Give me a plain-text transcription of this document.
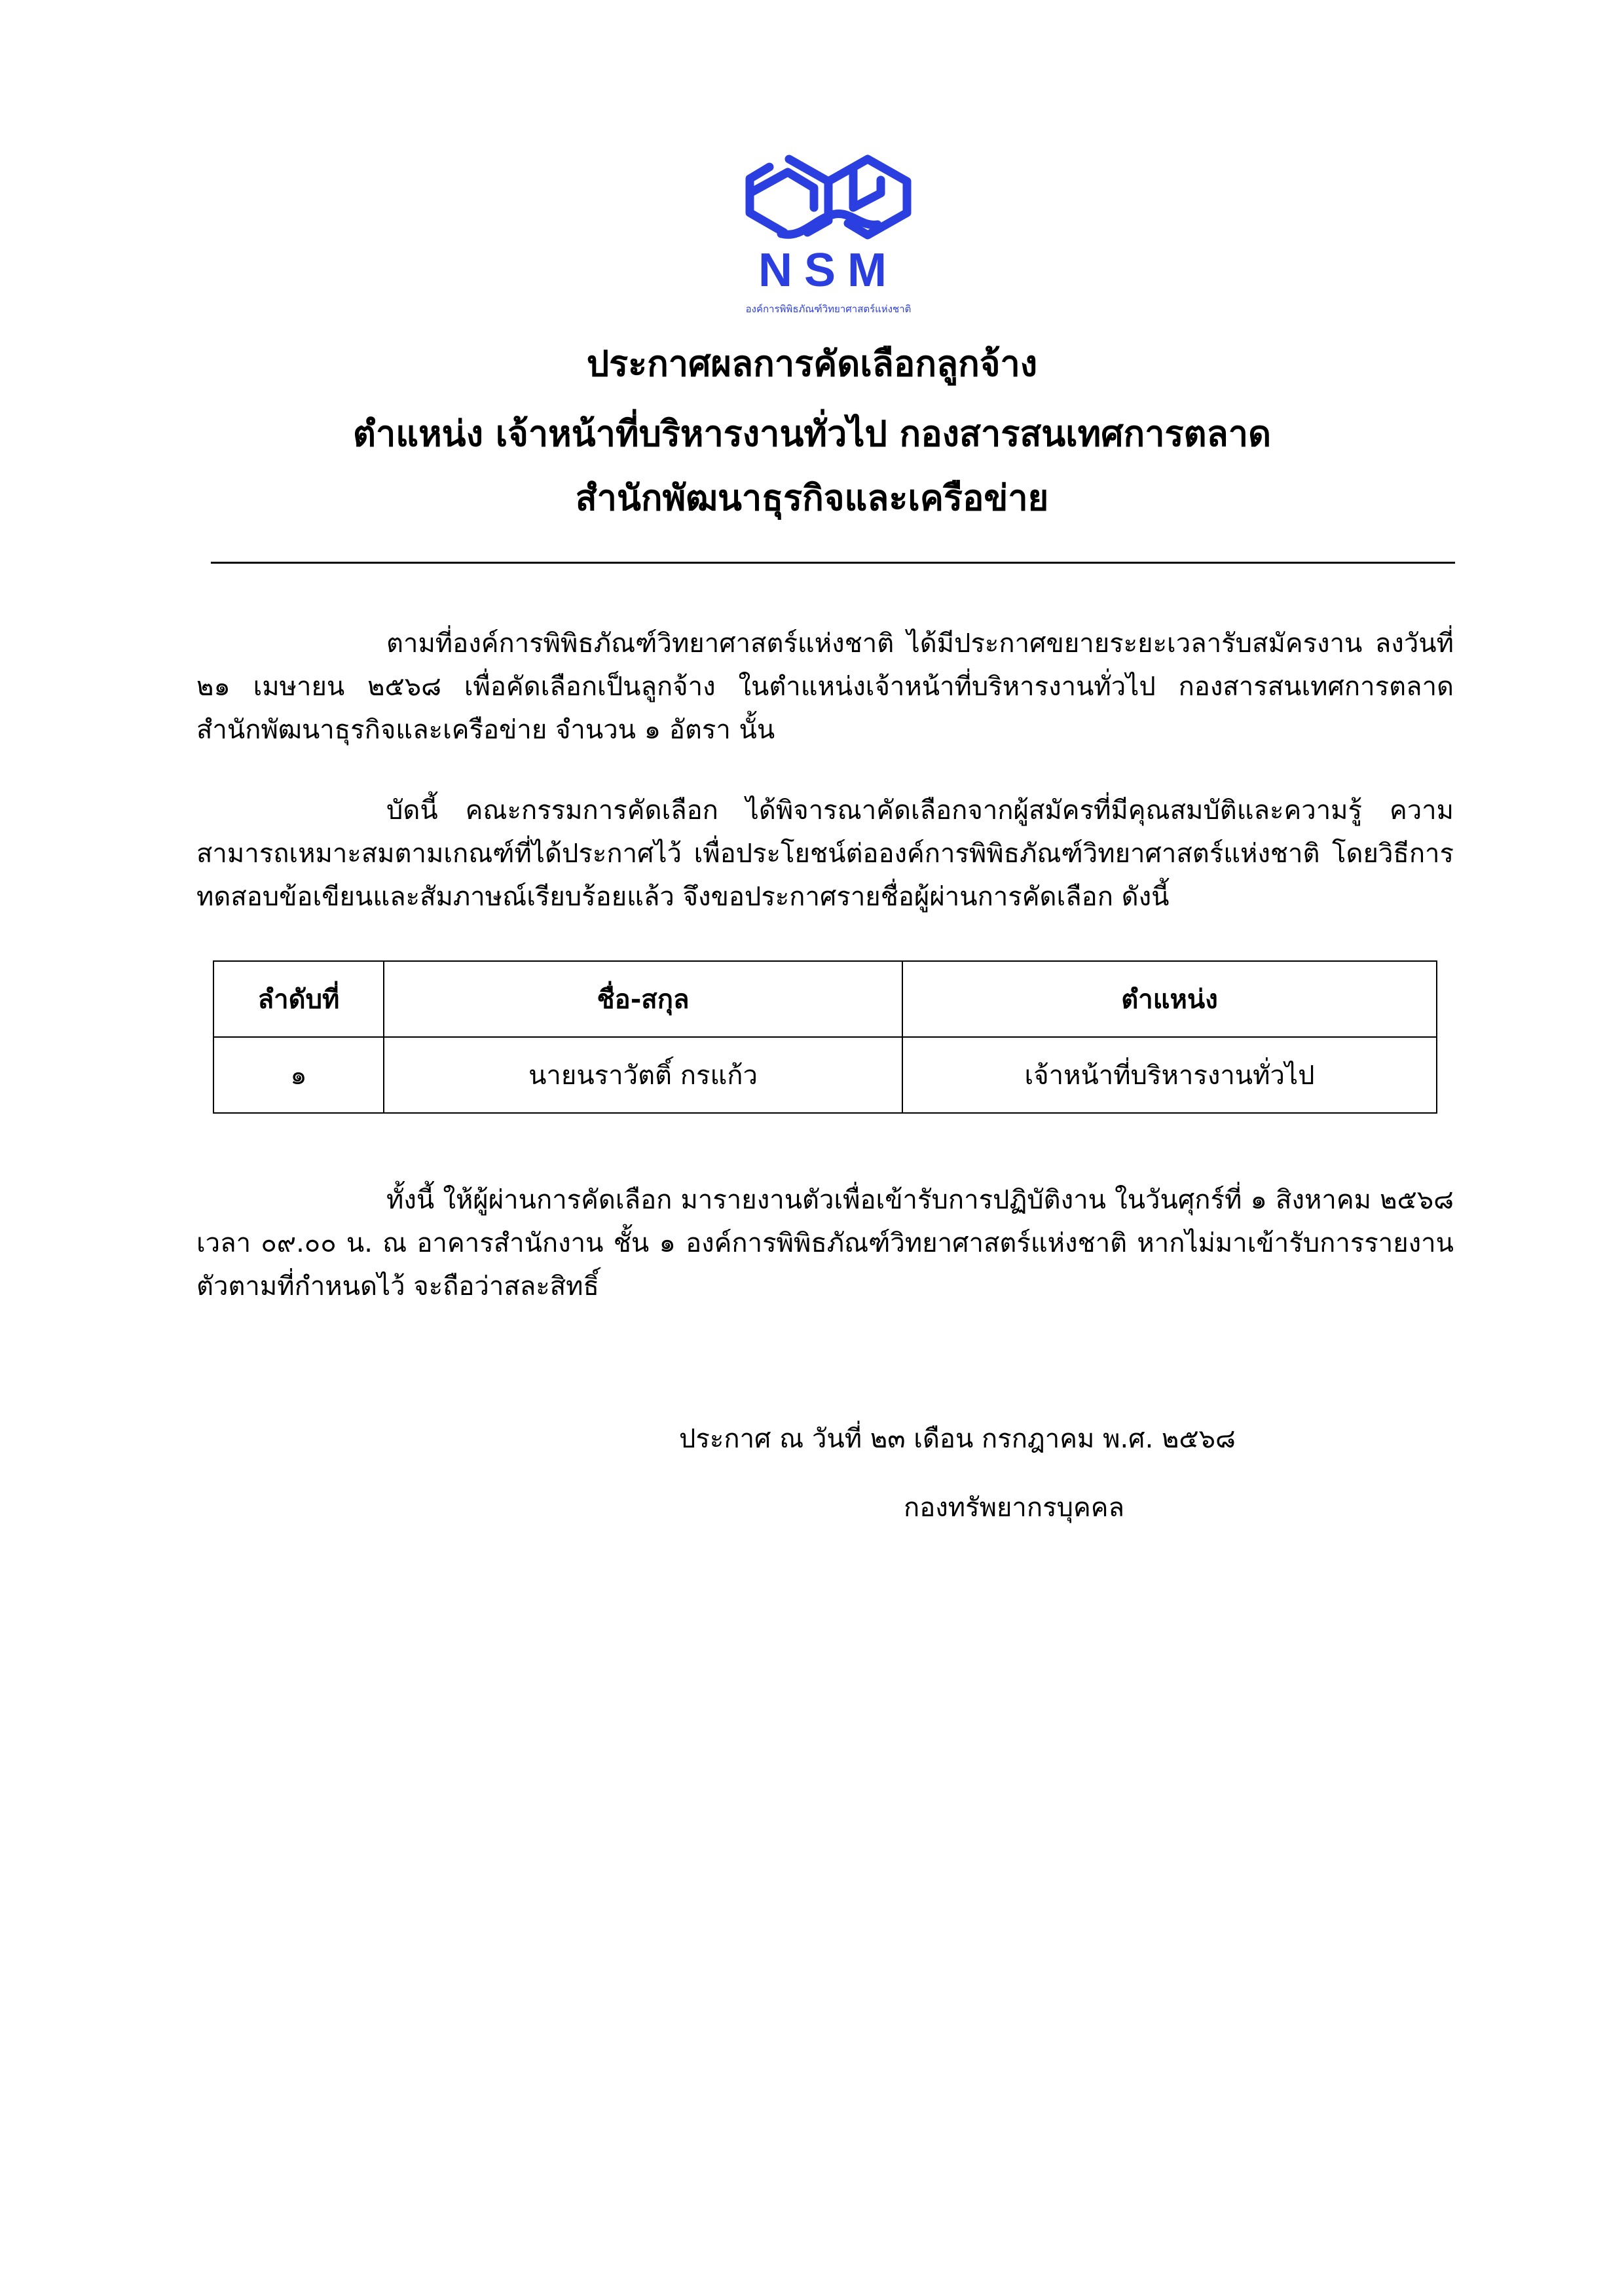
NSM
องค์การพิพิธภัณฑ์วิทยาศาสตร์แห่งชาติ
ประกาศผลการคัดเลือกลูกจ้าง
ตำแหน่ง เจ้าหน้าที่บริหารงานทั่วไป กองสารสนเทศการตลาด
สำนักพัฒนาธุรกิจและเครือข่าย

ตามที่องค์การพิพิธภัณฑ์วิทยาศาสตร์แห่งชาติ ได้มีประกาศขยายระยะเวลารับสมัครงาน ลงวันที่ ๒๑ เมษายน ๒๕๖๘ เพื่อคัดเลือกเป็นลูกจ้าง ในตำแหน่งเจ้าหน้าที่บริหารงานทั่วไป กองสารสนเทศการตลาด สำนักพัฒนาธุรกิจและเครือข่าย จำนวน ๑ อัตรา นั้น

บัดนี้ คณะกรรมการคัดเลือก ได้พิจารณาคัดเลือกจากผู้สมัครที่มีคุณสมบัติและความรู้ ความสามารถเหมาะสมตามเกณฑ์ที่ได้ประกาศไว้ เพื่อประโยชน์ต่อองค์การพิพิธภัณฑ์วิทยาศาสตร์แห่งชาติ โดยวิธีการทดสอบข้อเขียนและสัมภาษณ์เรียบร้อยแล้ว จึงขอประกาศรายชื่อผู้ผ่านการคัดเลือก ดังนี้

ลำดับที่	ชื่อ-สกุล	ตำแหน่ง
๑	นายนราวัตติ์ กรแก้ว	เจ้าหน้าที่บริหารงานทั่วไป

ทั้งนี้ ให้ผู้ผ่านการคัดเลือก มารายงานตัวเพื่อเข้ารับการปฏิบัติงาน ในวันศุกร์ที่ ๑ สิงหาคม ๒๕๖๘ เวลา ๐๙.๐๐ น. ณ อาคารสำนักงาน ชั้น ๑ องค์การพิพิธภัณฑ์วิทยาศาสตร์แห่งชาติ หากไม่มาเข้ารับการรายงานตัวตามที่กำหนดไว้ จะถือว่าสละสิทธิ์

ประกาศ ณ วันที่ ๒๓ เดือน กรกฎาคม พ.ศ. ๒๕๖๘
กองทรัพยากรบุคคล
